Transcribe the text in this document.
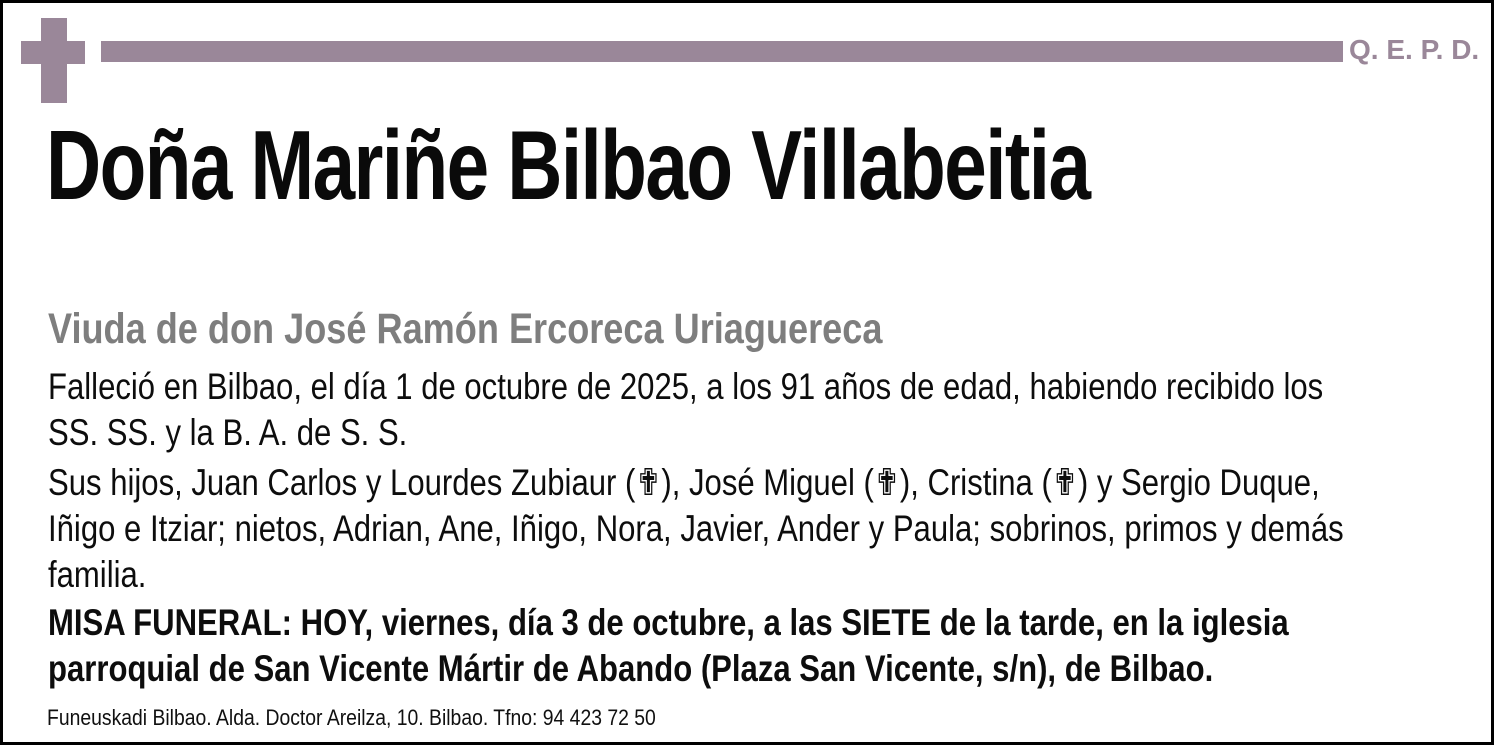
Q. E. P. D.
Doña Mariñe Bilbao Villabeitia
Viuda de don José Ramón Ercoreca Uriaguereca
Falleció en Bilbao, el día 1 de octubre de 2025, a los 91 años de edad, habiendo recibido los
SS. SS. y la B. A. de S. S.
Sus hijos, Juan Carlos y Lourdes Zubiaur (✟), José Miguel (✟), Cristina (✟) y Sergio Duque,
Iñigo e Itziar; nietos, Adrian, Ane, Iñigo, Nora, Javier, Ander y Paula; sobrinos, primos y demás
familia.
MISA FUNERAL: HOY, viernes, día 3 de octubre, a las SIETE de la tarde, en la iglesia
parroquial de San Vicente Mártir de Abando (Plaza San Vicente, s/n), de Bilbao.
Funeuskadi Bilbao. Alda. Doctor Areilza, 10. Bilbao. Tfno: 94 423 72 50
